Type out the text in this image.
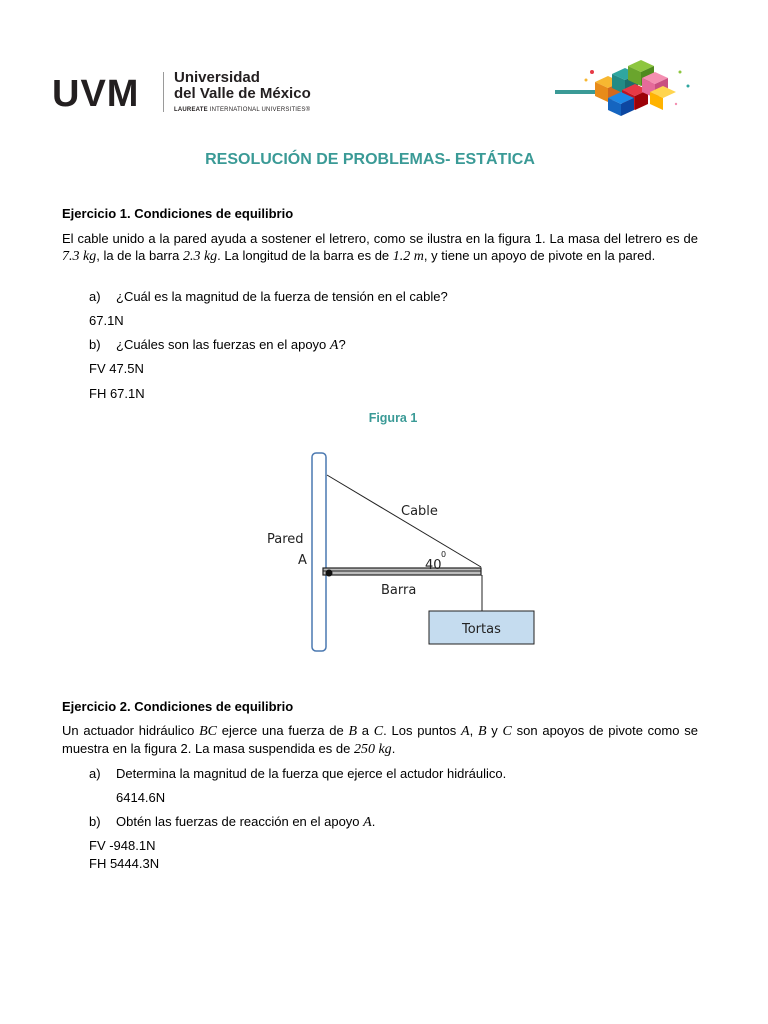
UVM Universidad
del Valle de México
LAUREATE INTERNATIONAL UNIVERSITIES®
RESOLUCIÓN DE PROBLEMAS- ESTÁTICA
Ejercicio 1. Condiciones de equilibrio
El cable unido a la pared ayuda a sostener el letrero, como se ilustra en la figura 1. La masa del letrero es de 7.3 kg, la de la barra 2.3 kg. La longitud de la barra es de 1.2 m, y tiene un apoyo de pivote en la pared.
a) ¿Cuál es la magnitud de la fuerza de tensión en el cable?
67.1N
b) ¿Cuáles son las fuerzas en el apoyo A?
FV 47.5N
FH 67.1N
Figura 1
Cable
Pared
A	40
0
Barra
Tortas
Ejercicio 2. Condiciones de equilibrio
Un actuador hidráulico BC ejerce una fuerza de B a C. Los puntos A, B y C son apoyos de pivote como se muestra en la figura 2. La masa suspendida es de 250 kg.
a) Determina la magnitud de la fuerza que ejerce el actudor hidráulico.
6414.6N
b) Obtén las fuerzas de reacción en el apoyo A.
FV -948.1N
FH 5444.3N
